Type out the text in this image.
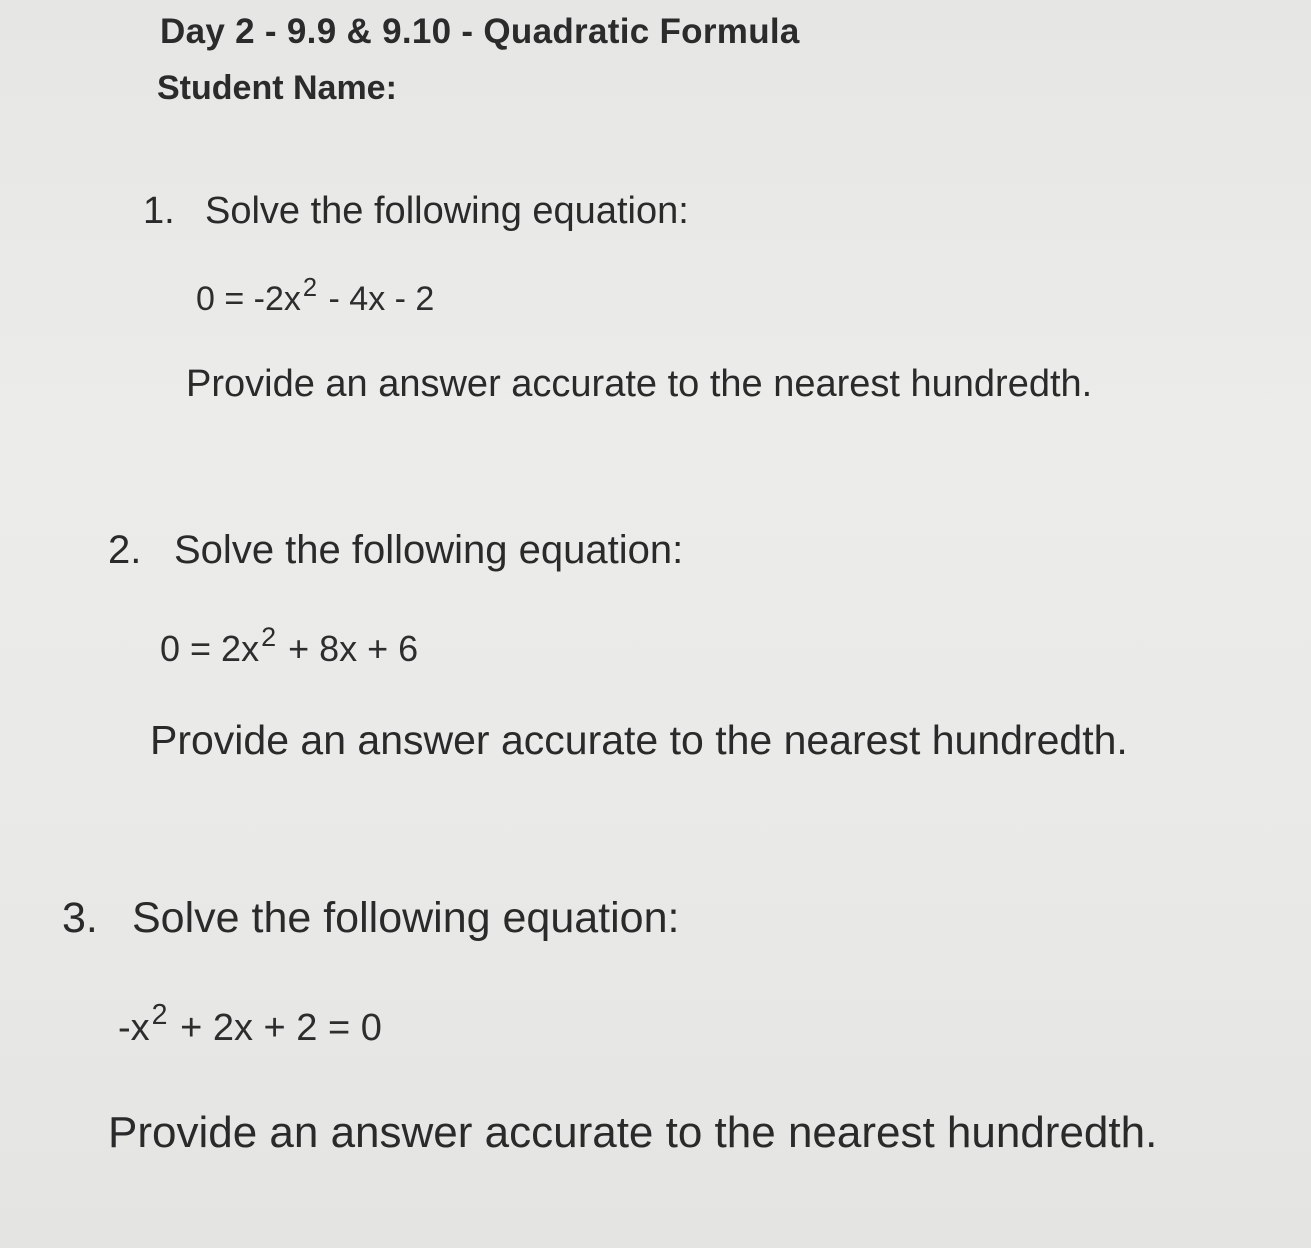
Day 2 - 9.9 & 9.10 - Quadratic Formula
Student Name:
1. Solve the following equation:
$0 = -2x^2 - 4x - 2$
Provide an answer accurate to the nearest hundredth.
2. Solve the following equation:
$0 = 2x^2 + 8x + 6$
Provide an answer accurate to the nearest hundredth.
3. Solve the following equation:
$-x^2 + 2x + 2 = 0$
Provide an answer accurate to the nearest hundredth.
